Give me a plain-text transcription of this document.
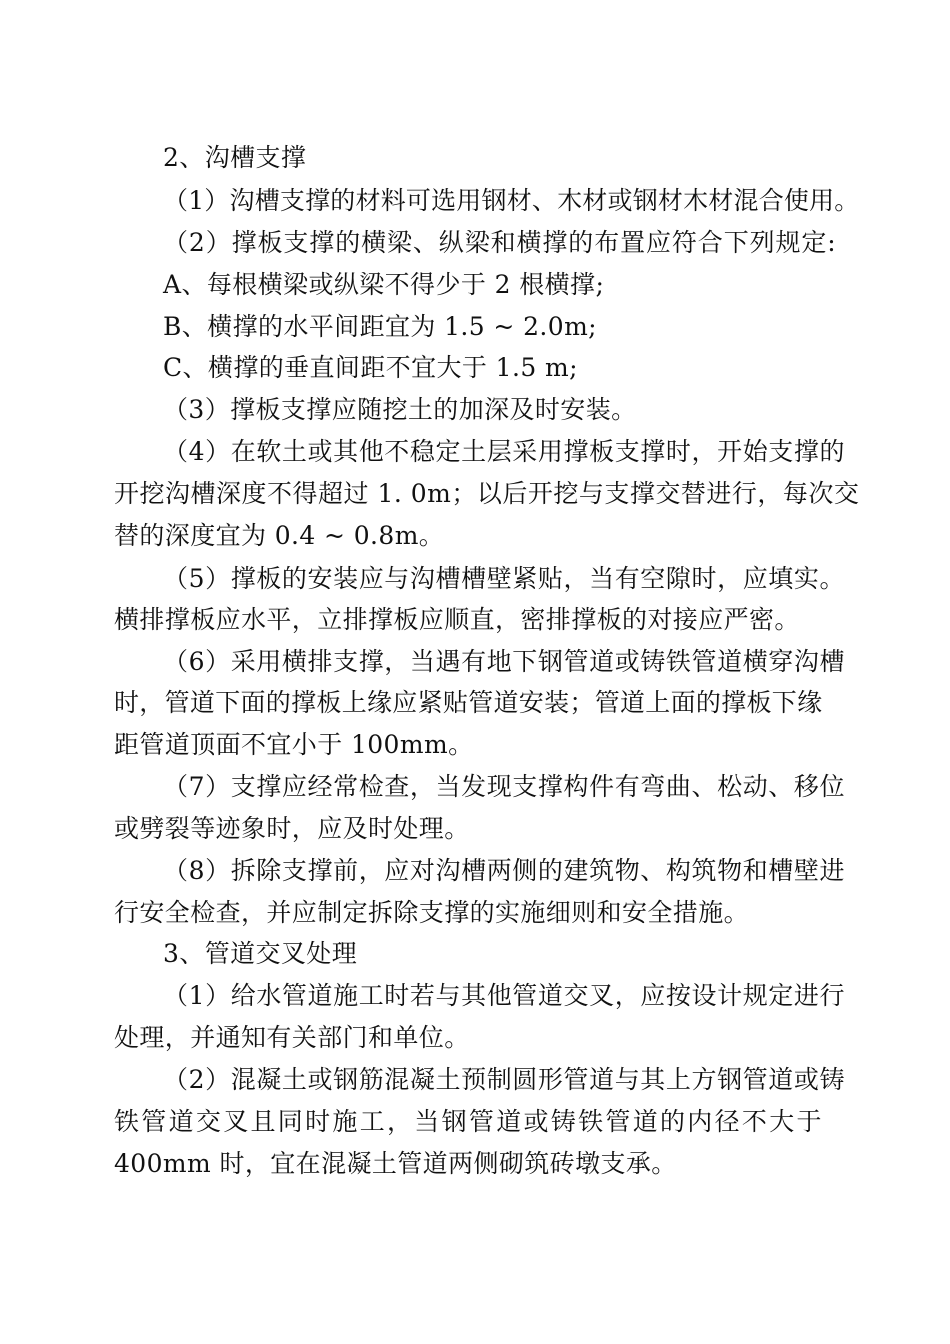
2、沟槽支撑
（1）沟槽支撑的材料可选用钢材、木材或钢材木材混合使用。
（2）撑板支撑的横梁、纵梁和横撑的布置应符合下列规定:
A、每根横梁或纵梁不得少于 2 根横撑;
B、横撑的水平间距宜为 1.5 ~ 2.0m;
C、横撑的垂直间距不宜大于 1.5 m;
（3）撑板支撑应随挖土的加深及时安装。
（4）在软土或其他不稳定土层采用撑板支撑时，开始支撑的
开挖沟槽深度不得超过 1. 0m；以后开挖与支撑交替进行，每次交
替的深度宜为 0.4 ~ 0.8m。
（5）撑板的安装应与沟槽槽壁紧贴，当有空隙时，应填实。
横排撑板应水平，立排撑板应顺直，密排撑板的对接应严密。
（6）采用横排支撑，当遇有地下钢管道或铸铁管道横穿沟槽
时，管道下面的撑板上缘应紧贴管道安装；管道上面的撑板下缘
距管道顶面不宜小于 100mm。
（7）支撑应经常检查，当发现支撑构件有弯曲、松动、移位
或劈裂等迹象时，应及时处理。
（8）拆除支撑前，应对沟槽两侧的建筑物、构筑物和槽壁进
行安全检查，并应制定拆除支撑的实施细则和安全措施。
3、管道交叉处理
（1）给水管道施工时若与其他管道交叉，应按设计规定进行
处理，并通知有关部门和单位。
（2）混凝土或钢筋混凝土预制圆形管道与其上方钢管道或铸
铁管道交叉且同时施工，当钢管道或铸铁管道的内径不大于
400mm 时，宜在混凝土管道两侧砌筑砖墩支承。
